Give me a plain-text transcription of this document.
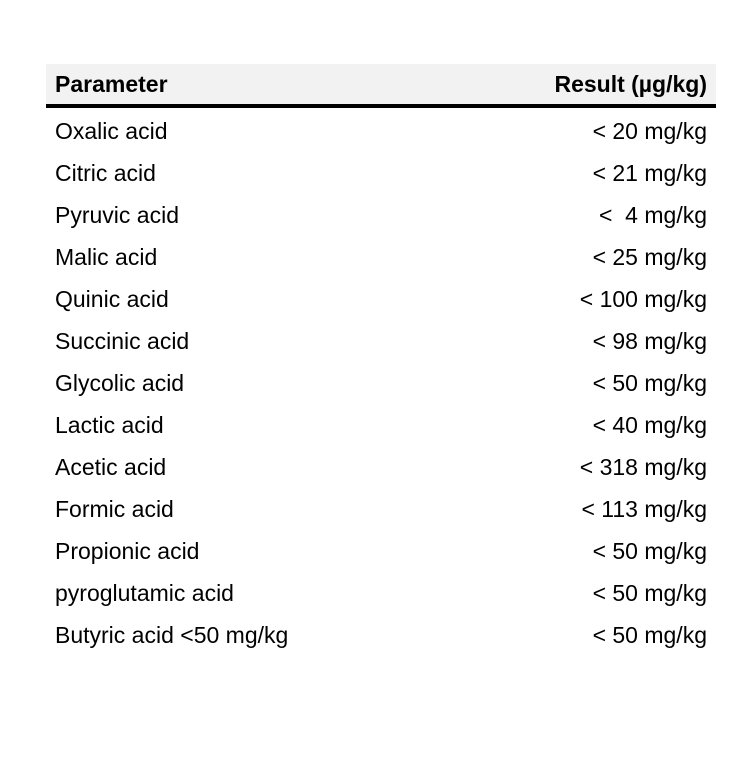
Parameter	Result (µg/kg)
Oxalic acid	< 20 mg/kg
Citric acid	< 21 mg/kg
Pyruvic acid	<  4 mg/kg
Malic acid	< 25 mg/kg
Quinic acid	< 100 mg/kg
Succinic acid	< 98 mg/kg
Glycolic acid	< 50 mg/kg
Lactic acid	< 40 mg/kg
Acetic acid	< 318 mg/kg
Formic acid	< 113 mg/kg
Propionic acid	< 50 mg/kg
pyroglutamic acid	< 50 mg/kg
Butyric acid <50 mg/kg	< 50 mg/kg
